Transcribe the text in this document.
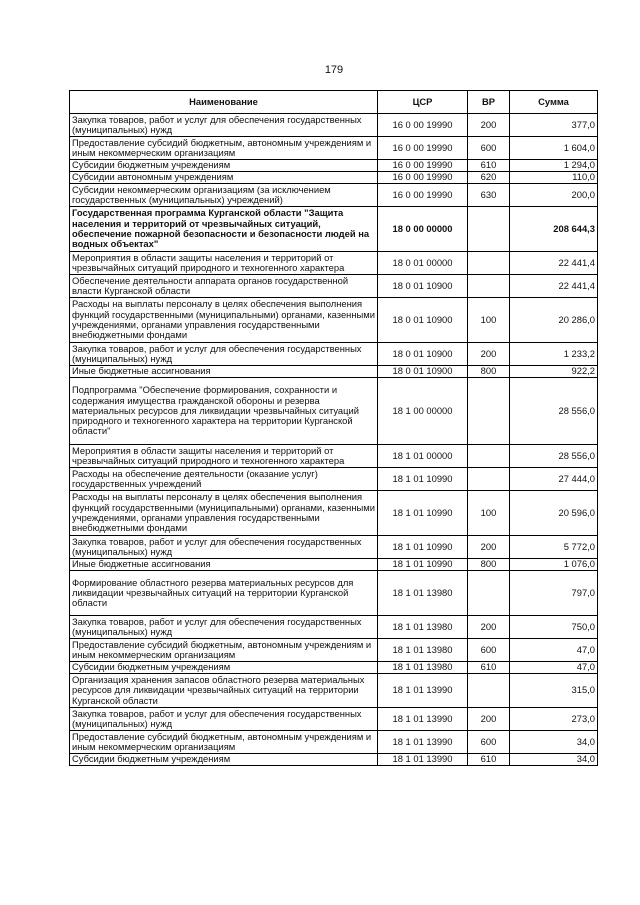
179
Наименование	ЦСР	ВР	Сумма
Закупка товаров, работ и услуг для обеспечения государственных (муниципальных) нужд	16 0 00 19990	200	377,0
Предоставление субсидий бюджетным, автономным учреждениям и иным некоммерческим организациям	16 0 00 19990	600	1 604,0
Субсидии бюджетным учреждениям	16 0 00 19990	610	1 294,0
Субсидии автономным учреждениям	16 0 00 19990	620	110,0
Субсидии некоммерческим организациям (за исключением государственных (муниципальных) учреждений)	16 0 00 19990	630	200,0
Государственная программа Курганской области "Защита населения и территорий от чрезвычайных ситуаций, обеспечение пожарной безопасности и безопасности людей на водных объектах"	18 0 00 00000		208 644,3
Мероприятия в области защиты населения и территорий от чрезвычайных ситуаций природного и техногенного характера	18 0 01 00000		22 441,4
Обеспечение деятельности аппарата органов государственной власти Курганской области	18 0 01 10900		22 441,4
Расходы на выплаты персоналу в целях обеспечения выполнения функций государственными (муниципальными) органами, казенными учреждениями, органами управления государственными внебюджетными фондами	18 0 01 10900	100	20 286,0
Закупка товаров, работ и услуг для обеспечения государственных (муниципальных) нужд	18 0 01 10900	200	1 233,2
Иные бюджетные ассигнования	18 0 01 10900	800	922,2
Подпрограмма "Обеспечение формирования, сохранности и содержания имущества гражданской обороны и резерва материальных ресурсов для ликвидации чрезвычайных ситуаций природного и техногенного характера на территории Курганской области"	18 1 00 00000		28 556,0
Мероприятия в области защиты населения и территорий от чрезвычайных ситуаций природного и техногенного характера	18 1 01 00000		28 556,0
Расходы на обеспечение деятельности (оказание услуг) государственных учреждений	18 1 01 10990		27 444,0
Расходы на выплаты персоналу в целях обеспечения выполнения функций государственными (муниципальными) органами, казенными учреждениями, органами управления государственными внебюджетными фондами	18 1 01 10990	100	20 596,0
Закупка товаров, работ и услуг для обеспечения государственных (муниципальных) нужд	18 1 01 10990	200	5 772,0
Иные бюджетные ассигнования	18 1 01 10990	800	1 076,0
Формирование областного резерва материальных ресурсов для ликвидации чрезвычайных ситуаций на территории Курганской области	18 1 01 13980		797,0
Закупка товаров, работ и услуг для обеспечения государственных (муниципальных) нужд	18 1 01 13980	200	750,0
Предоставление субсидий бюджетным, автономным учреждениям и иным некоммерческим организациям	18 1 01 13980	600	47,0
Субсидии бюджетным учреждениям	18 1 01 13980	610	47,0
Организация хранения запасов областного резерва материальных ресурсов для ликвидации чрезвычайных ситуаций на территории Курганской области	18 1 01 13990		315,0
Закупка товаров, работ и услуг для обеспечения государственных (муниципальных) нужд	18 1 01 13990	200	273,0
Предоставление субсидий бюджетным, автономным учреждениям и иным некоммерческим организациям	18 1 01 13990	600	34,0
Субсидии бюджетным учреждениям	18 1 01 13990	610	34,0
